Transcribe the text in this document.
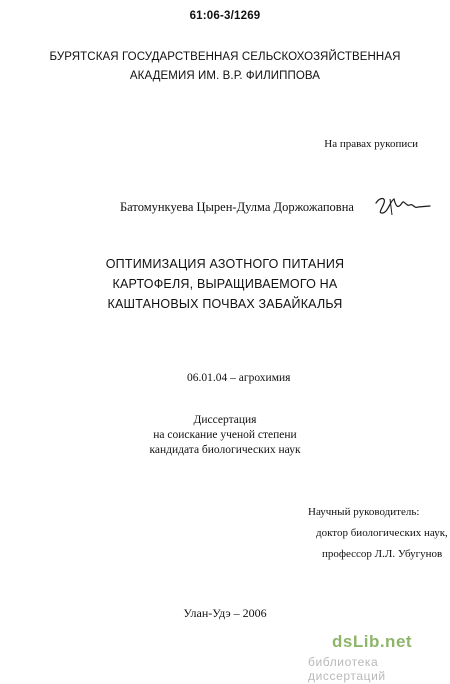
61:06-3/1269
БУРЯТСКАЯ ГОСУДАРСТВЕННАЯ СЕЛЬСКОХОЗЯЙСТВЕННАЯ
АКАДЕМИЯ ИМ. В.Р. ФИЛИППОВА
На правах рукописи
Батомункуева Цырен-Дулма Доржожаповна
ОПТИМИЗАЦИЯ АЗОТНОГО ПИТАНИЯ
КАРТОФЕЛЯ, ВЫРАЩИВАЕМОГО НА
КАШТАНОВЫХ ПОЧВАХ ЗАБАЙКАЛЬЯ
06.01.04 – агрохимия
Диссертация
на соискание ученой степени
кандидата биологических наук
Научный руководитель:
доктор биологических наук,
профессор Л.Л. Убугунов
Улан-Удэ – 2006
dsLib.net
библиотека диссертаций
